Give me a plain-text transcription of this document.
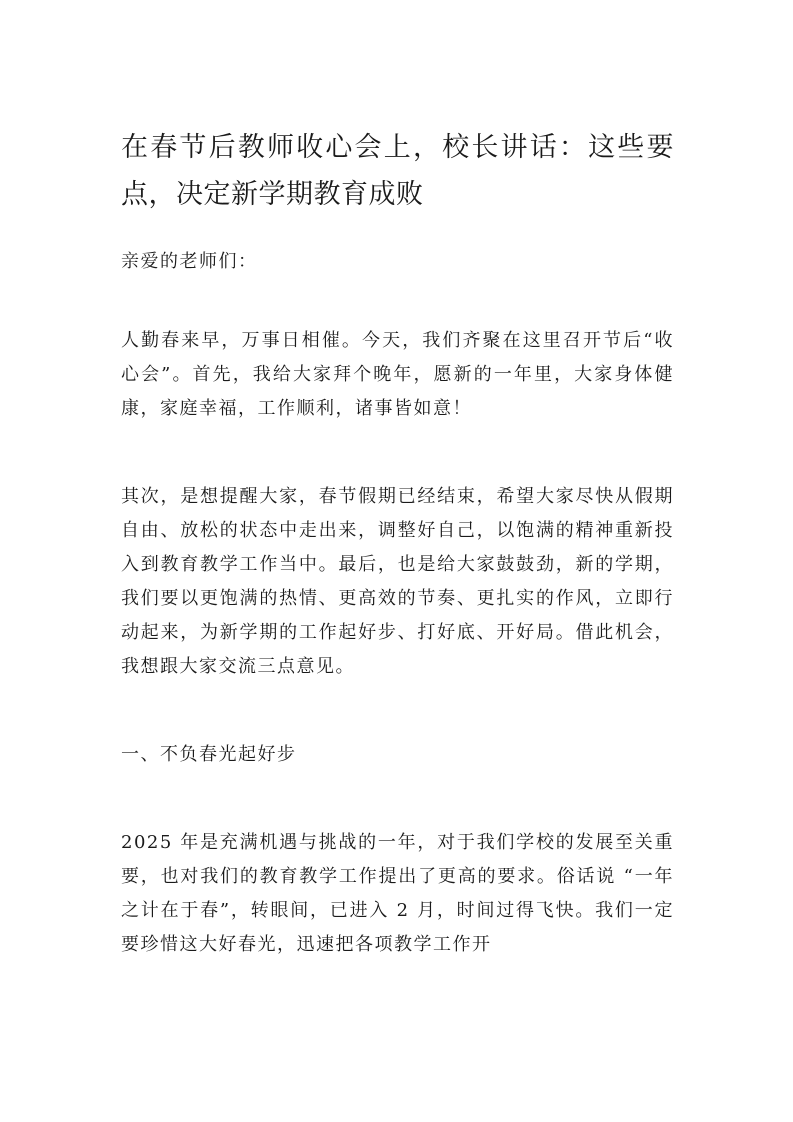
在春节后教师收心会上，校长讲话：这些要点，决定新学期教育成败

亲爱的老师们：

人勤春来早，万事日相催。今天，我们齐聚在这里召开节后“收心会”。首先，我给大家拜个晚年，愿新的一年里，大家身体健康，家庭幸福，工作顺利，诸事皆如意！

其次，是想提醒大家，春节假期已经结束，希望大家尽快从假期自由、放松的状态中走出来，调整好自己，以饱满的精神重新投入到教育教学工作当中。最后，也是给大家鼓鼓劲，新的学期，我们要以更饱满的热情、更高效的节奏、更扎实的作风，立即行动起来，为新学期的工作起好步、打好底、开好局。借此机会，我想跟大家交流三点意见。

一、不负春光起好步

2025 年是充满机遇与挑战的一年，对于我们学校的发展至关重要，也对我们的教育教学工作提出了更高的要求。俗话说 “一年之计在于春”，转眼间，已进入 2 月，时间过得飞快。我们一定要珍惜这大好春光，迅速把各项教学工作开
